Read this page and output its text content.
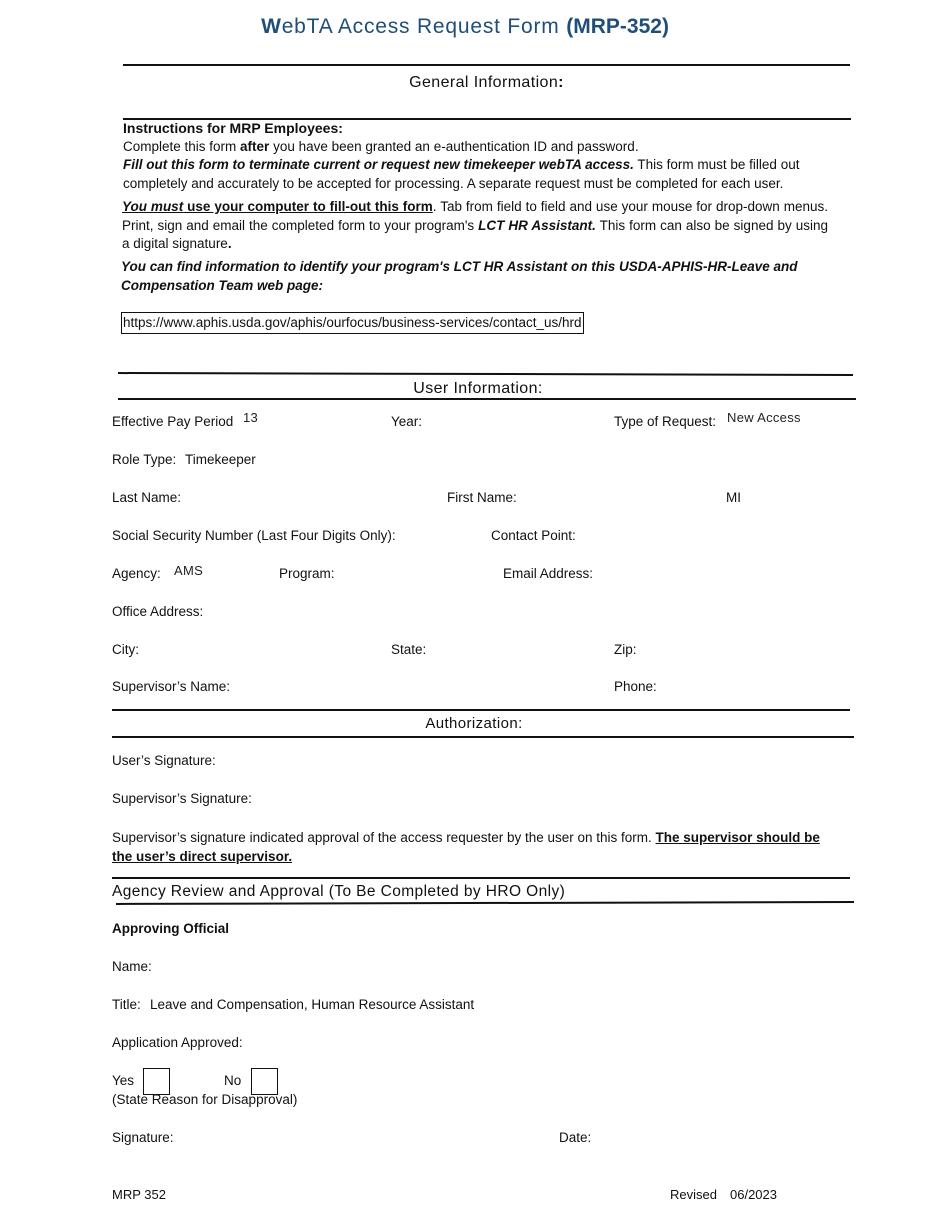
WebTA Access Request Form (MRP-352)
General Information:

Instructions for MRP Employees:

Complete this form after you have been granted an e-authentication ID and password.

Fill out this form to terminate current or request new timekeeper webTA access. This form must be filled out completely and accurately to be accepted for processing. A separate request must be completed for each user.

You must use your computer to fill-out this form. Tab from field to field and use your mouse for drop-down menus. Print, sign and email the completed form to your program's LCT HR Assistant. This form can also be signed by using a digital signature.

You can find information to identify your program's LCT HR Assistant on this USDA-APHIS-HR-Leave and Compensation Team web page:
https://www.aphis.usda.gov/aphis/ourfocus/business-services/contact_us/hrd
User Information:
Effective Pay Period 13	Year:	Type of Request: New Access
Role Type: Timekeeper
Last Name:	First Name:	MI
Social Security Number (Last Four Digits Only):	Contact Point:
Agency: AMS	Program:	Email Address:
Office Address:
City:	State:	Zip:
Supervisor’s Name:	Phone:
Authorization:
User’s Signature:
Supervisor’s Signature:
Supervisor’s signature indicated approval of the access requester by the user on this form. The supervisor should be the user’s direct supervisor.
Agency Review and Approval (To Be Completed by HRO Only)
Approving Official
Name:
Title: Leave and Compensation, Human Resource Assistant
Application Approved:
Yes	No
(State Reason for Disapproval)
Signature:	Date:
MRP 352	Revised 06/2023
